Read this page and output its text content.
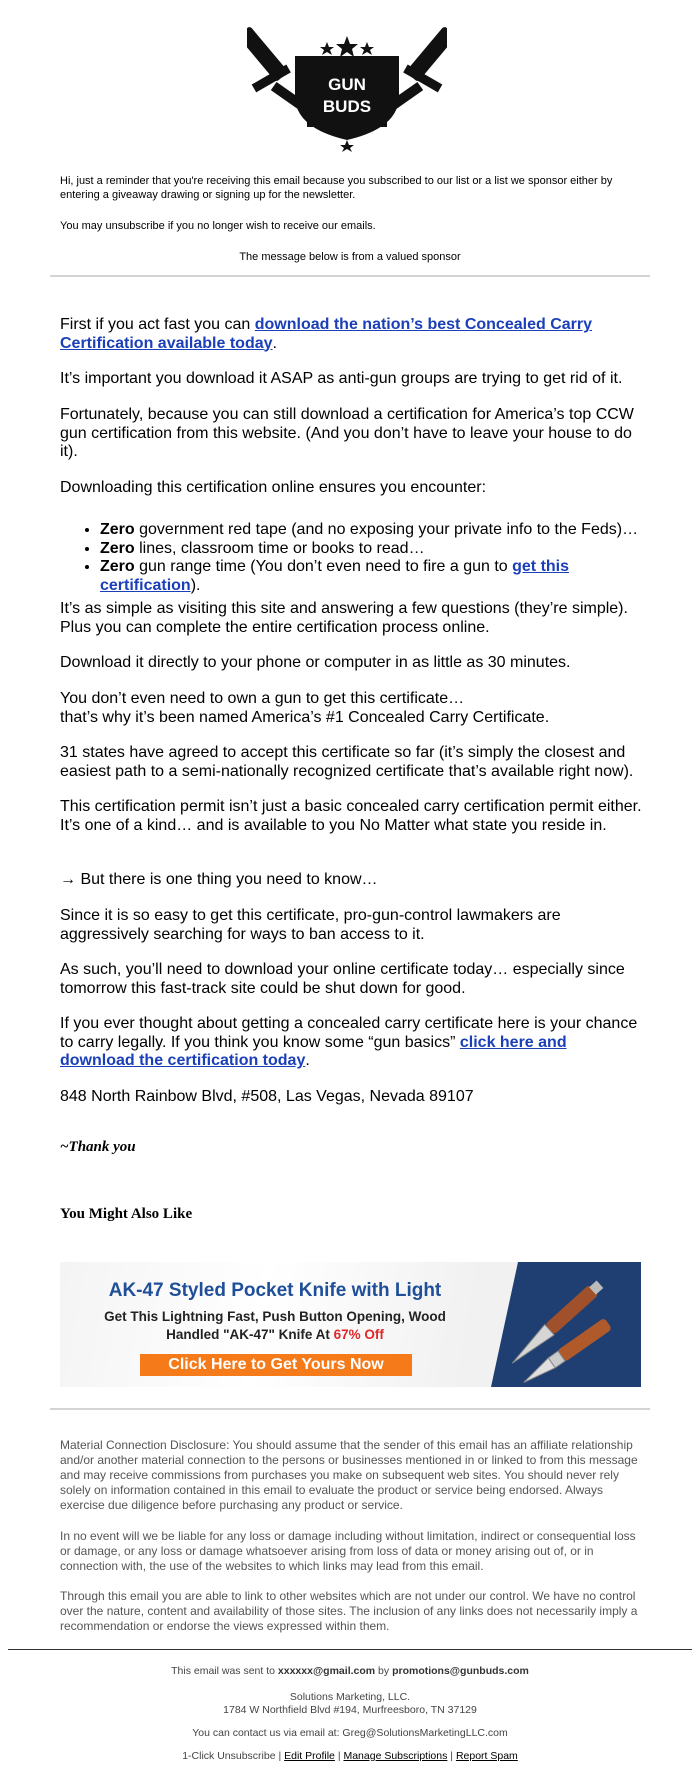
GUN
BUDS
Hi, just a reminder that you're receiving this email because you subscribed to our list or a list we sponsor either by entering a giveaway drawing or signing up for the newsletter.
You may unsubscribe if you no longer wish to receive our emails.
The message below is from a valued sponsor
First if you act fast you can download the nation’s best Concealed Carry Certification available today.
It’s important you download it ASAP as anti-gun groups are trying to get rid of it.
Fortunately, because you can still download a certification for America’s top CCW gun certification from this website. (And you don’t have to leave your house to do it).
Downloading this certification online ensures you encounter:
• Zero government red tape (and no exposing your private info to the Feds)…
• Zero lines, classroom time or books to read…
• Zero gun range time (You don’t even need to fire a gun to get this certification).
It’s as simple as visiting this site and answering a few questions (they’re simple). Plus you can complete the entire certification process online.
Download it directly to your phone or computer in as little as 30 minutes.
You don’t even need to own a gun to get this certificate…
that’s why it’s been named America’s #1 Concealed Carry Certificate.
31 states have agreed to accept this certificate so far (it’s simply the closest and easiest path to a semi-nationally recognized certificate that’s available right now).
This certification permit isn’t just a basic concealed carry certification permit either. It’s one of a kind… and is available to you No Matter what state you reside in.
→ But there is one thing you need to know…
Since it is so easy to get this certificate, pro-gun-control lawmakers are aggressively searching for ways to ban access to it.
As such, you’ll need to download your online certificate today… especially since tomorrow this fast-track site could be shut down for good.
If you ever thought about getting a concealed carry certificate here is your chance to carry legally. If you think you know some “gun basics” click here and download the certification today.
848 North Rainbow Blvd, #508, Las Vegas, Nevada 89107
~Thank you
You Might Also Like
AK-47 Styled Pocket Knife with Light
Get This Lightning Fast, Push Button Opening, Wood
Handled "AK-47" Knife At 67% Off
Click Here to Get Yours Now
Material Connection Disclosure: You should assume that the sender of this email has an affiliate relationship and/or another material connection to the persons or businesses mentioned in or linked to from this message and may receive commissions from purchases you make on subsequent web sites. You should never rely solely on information contained in this email to evaluate the product or service being endorsed. Always exercise due diligence before purchasing any product or service.
In no event will we be liable for any loss or damage including without limitation, indirect or consequential loss or damage, or any loss or damage whatsoever arising from loss of data or money arising out of, or in connection with, the use of the websites to which links may lead from this email.
Through this email you are able to link to other websites which are not under our control. We have no control over the nature, content and availability of those sites. The inclusion of any links does not necessarily imply a recommendation or endorse the views expressed within them.
This email was sent to xxxxxx@gmail.com by promotions@gunbuds.com
Solutions Marketing, LLC.
1784 W Northfield Blvd #194, Murfreesboro, TN 37129
You can contact us via email at: Greg@SolutionsMarketingLLC.com
1-Click Unsubscribe | Edit Profile | Manage Subscriptions | Report Spam
